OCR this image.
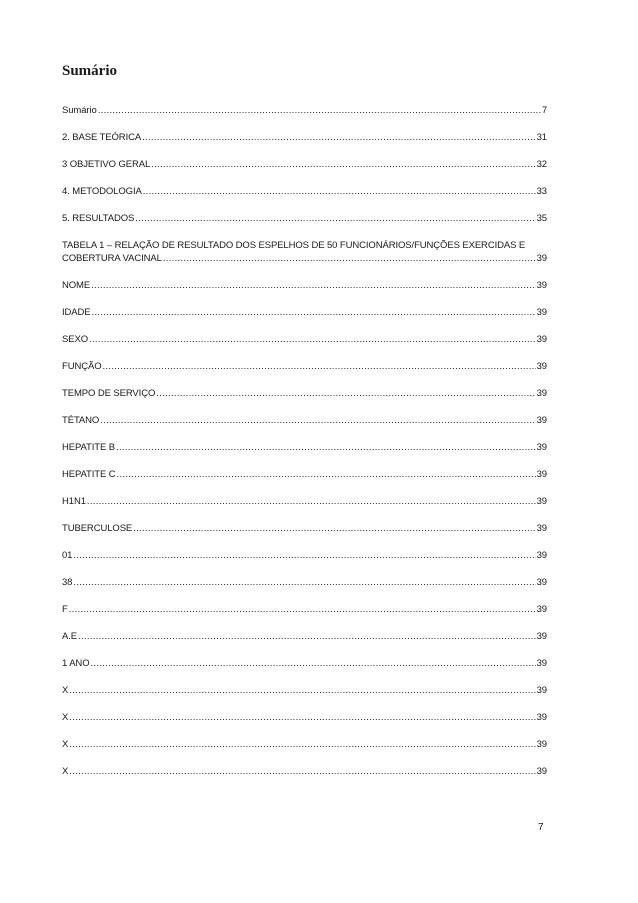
Sumário
Sumário .....	7
2. BASE TEÓRICA .....	31
3 OBJETIVO GERAL .....	32
4. METODOLOGIA .....	33
5. RESULTADOS .....	35
TABELA 1 – RELAÇÃO DE RESULTADO DOS ESPELHOS DE 50 FUNCIONÁRIOS/FUNÇÕES EXERCIDAS E
COBERTURA VACINAL .....	39
NOME .....	39
IDADE .....	39
SEXO .....	39
FUNÇÃO .....	39
TEMPO DE SERVIÇO .....	39
TÉTANO .....	39
HEPATITE B .....	39
HEPATITE C .....	39
H1N1 .....	39
TUBERCULOSE .....	39
01 .....	39
38 .....	39
F .....	39
A.E .....	39
1 ANO .....	39
X .....	39
X .....	39
X .....	39
X .....	39
7
